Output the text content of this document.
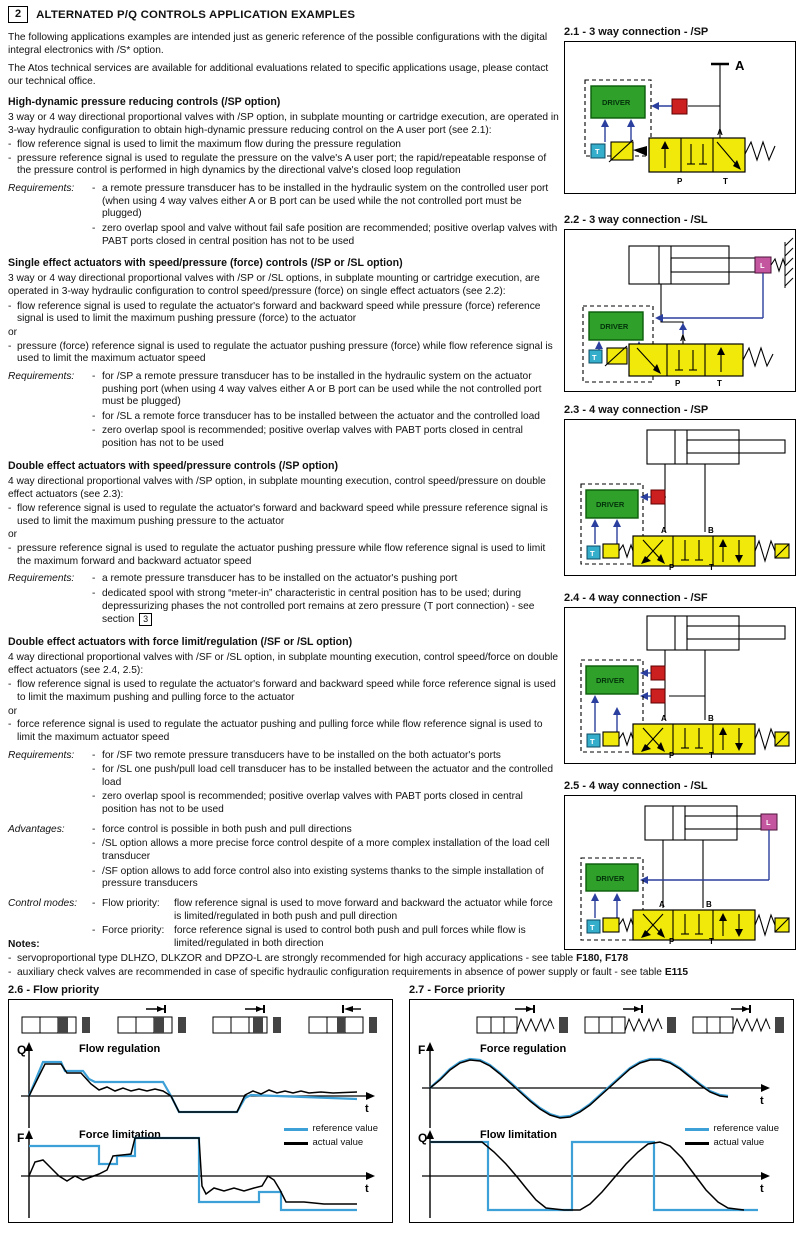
2	ALTERNATED P/Q CONTROLS APPLICATION EXAMPLES

The following applications examples are intended just as generic reference of the possible configurations with the digital integral electronics with /S* option.

The Atos technical services are available for additional evaluations related to specific applications usage, please contact our technical office.

High-dynamic pressure reducing controls (/SP option)
3 way or 4 way directional proportional valves with /SP option, in subplate mounting or cartridge execution, are operated in 3-way hydraulic configuration to obtain high-dynamic pressure reducing control on the A user port (see 2.1):
- flow reference signal is used to limit the maximum flow during the pressure regulation
- pressure reference signal is used to regulate the pressure on the valve's A user port; the rapid/repeatable response of the pressure control is performed in high dynamics by the directional valve's closed loop regulation
Requirements:	- a remote pressure transducer has to be installed in the hydraulic system on the controlled user port (when using 4 way valves either A or B port can be used while the not controlled port must be plugged)
- zero overlap spool and valve without fail safe position are recommended; positive overlap valves with PABT ports closed in central position has not to be used
Single effect actuators with speed/pressure (force) controls (/SP or /SL option)
3 way or 4 way directional proportional valves with /SP or /SL options, in subplate mounting or cartridge execution, are operated in 3-way hydraulic configuration to control speed/pressure (force) on single effect actuators (see 2.2):
- flow reference signal is used to regulate the actuator's forward and backward speed while pressure (force) reference signal is used to limit the maximum pushing pressure (force) to the actuator
or
- pressure (force) reference signal is used to regulate the actuator pushing pressure (force) while flow reference signal is used to limit the maximum actuator speed
Requirements:	- for /SP a remote pressure transducer has to be installed in the hydraulic system on the actuator pushing port (when using 4 way valves either A or B port can be used while the not controlled port must be plugged)
- for /SL a remote force transducer has to be installed between the actuator and the controlled load
- zero overlap spool is recommended; positive overlap valves with PABT ports closed in central position has not to be used
Double effect actuators with speed/pressure controls (/SP option)
4 way directional proportional valves with /SP option, in subplate mounting execution, control speed/pressure on double effect actuators (see 2.3):
- flow reference signal is used to regulate the actuator's forward and backward speed while pressure reference signal is used to limit the maximum pushing pressure to the actuator
or
- pressure reference signal is used to regulate the actuator pushing pressure while flow reference signal is used to limit the maximum forward and backward actuator speed
Requirements:	- a remote pressure transducer has to be installed on the actuator's pushing port
- dedicated spool with strong “meter-in” characteristic in central position has to be used; during depressurizing phases the not controlled port remains at zero pressure (T port connection) - see section 3
Double effect actuators with force limit/regulation (/SF or /SL option)
4 way directional proportional valves with /SF or /SL option, in subplate mounting execution, control speed/force on double effect actuators (see 2.4, 2.5):
- flow reference signal is used to regulate the actuator's forward and backward speed while force reference signal is used to limit the maximum pushing and pulling force to the actuator
or
- force reference signal is used to regulate the actuator pushing and pulling force while flow reference signal is used to limit the maximum actuator speed
Requirements:	- for /SF two remote pressure transducers have to be installed on the both actuator's ports
- for /SL one push/pull load cell transducer has to be installed between the actuator and the controlled load
- zero overlap spool is recommended; positive overlap valves with PABT ports closed in central position has not to be used
Advantages:	- force control is possible in both push and pull directions
- /SL option allows a more precise force control despite of a more complex installation of the load cell transducer
- /SF option allows to add force control also into existing systems thanks to the simple installation of pressure transducers
Control modes:	- Flow priority:	flow reference signal is used to move forward and backward the actuator while force is limited/regulated in both push and pull direction
- Force priority: force reference signal is used to control both push and pull forces while flow is limited/regulated in both direction
Notes:
- servoproportional type DLHZO, DLKZOR and DPZO-L are strongly recommended for high accuracy applications - see table F180, F178
- auxiliary check valves are recommended in case of specific hydraulic configuration requirements in absence of power supply or fault - see table E115
2.1 - 3 way connection - /SP
A
DRIVER
T
A
P	T
2.2 - 3 way connection - /SL
L
DRIVER
T
A
P	T
2.3 - 4 way connection - /SP
DRIVER
T
A	B
P	T
2.4 - 4 way connection - /SF
DRIVER
T
A	B
P	T
2.5 - 4 way connection - /SL
L
DRIVER
T
A	B
P	T
2.6 - Flow priority
Q	Flow regulation
t
F	Force limitation
t
reference value
actual value
2.7 - Force priority
F	Force regulation
t
Q	Flow limitation
t
reference value
actual value
